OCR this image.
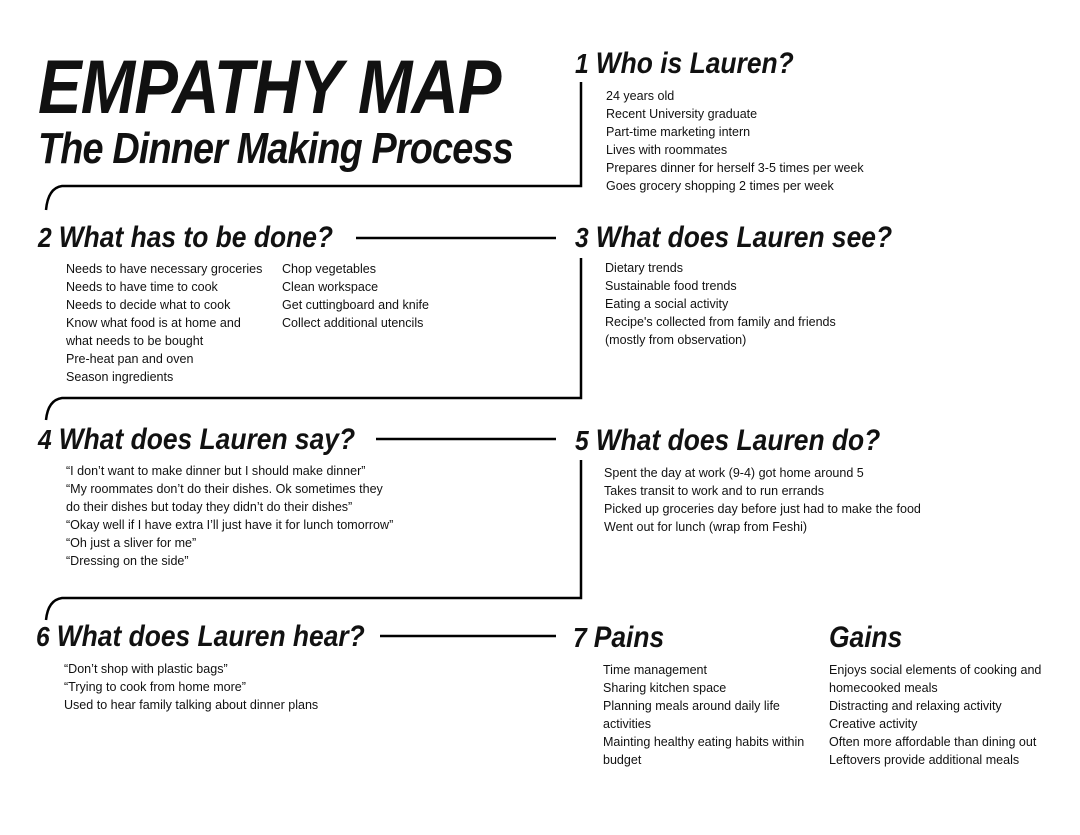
EMPATHY MAP
The Dinner Making Process
1 Who is Lauren?
24 years old
Recent University graduate
Part-time marketing intern
Lives with roommates
Prepares dinner for herself 3-5 times per week
Goes grocery shopping 2 times per week
2 What has to be done?
Needs to have necessary groceries
Needs to have time to cook
Needs to decide what to cook
Know what food is at home and
what needs to be bought
Pre-heat pan and oven
Season ingredients
Chop vegetables
Clean workspace
Get cuttingboard and knife
Collect additional utencils
3 What does Lauren see?
Dietary trends
Sustainable food trends
Eating a social activity
Recipe's collected from family and friends
(mostly from observation)
4 What does Lauren say?
“I don’t want to make dinner but I should make dinner”
“My roommates don’t do their dishes. Ok sometimes they
do their dishes but today they didn’t do their dishes”
“Okay well if I have extra I’ll just have it for lunch tomorrow”
“Oh just a sliver for me”
“Dressing on the side”
5 What does Lauren do?
Spent the day at work (9-4) got home around 5
Takes transit to work and to run errands
Picked up groceries day before just had to make the food
Went out for lunch (wrap from Feshi)
6 What does Lauren hear?
“Don’t shop with plastic bags”
“Trying to cook from home more”
Used to hear family talking about dinner plans
7 Pains
Time management
Sharing kitchen space
Planning meals around daily life
activities
Mainting healthy eating habits within
budget
Gains
Enjoys social elements of cooking and
homecooked meals
Distracting and relaxing activity
Creative activity
Often more affordable than dining out
Leftovers provide additional meals
